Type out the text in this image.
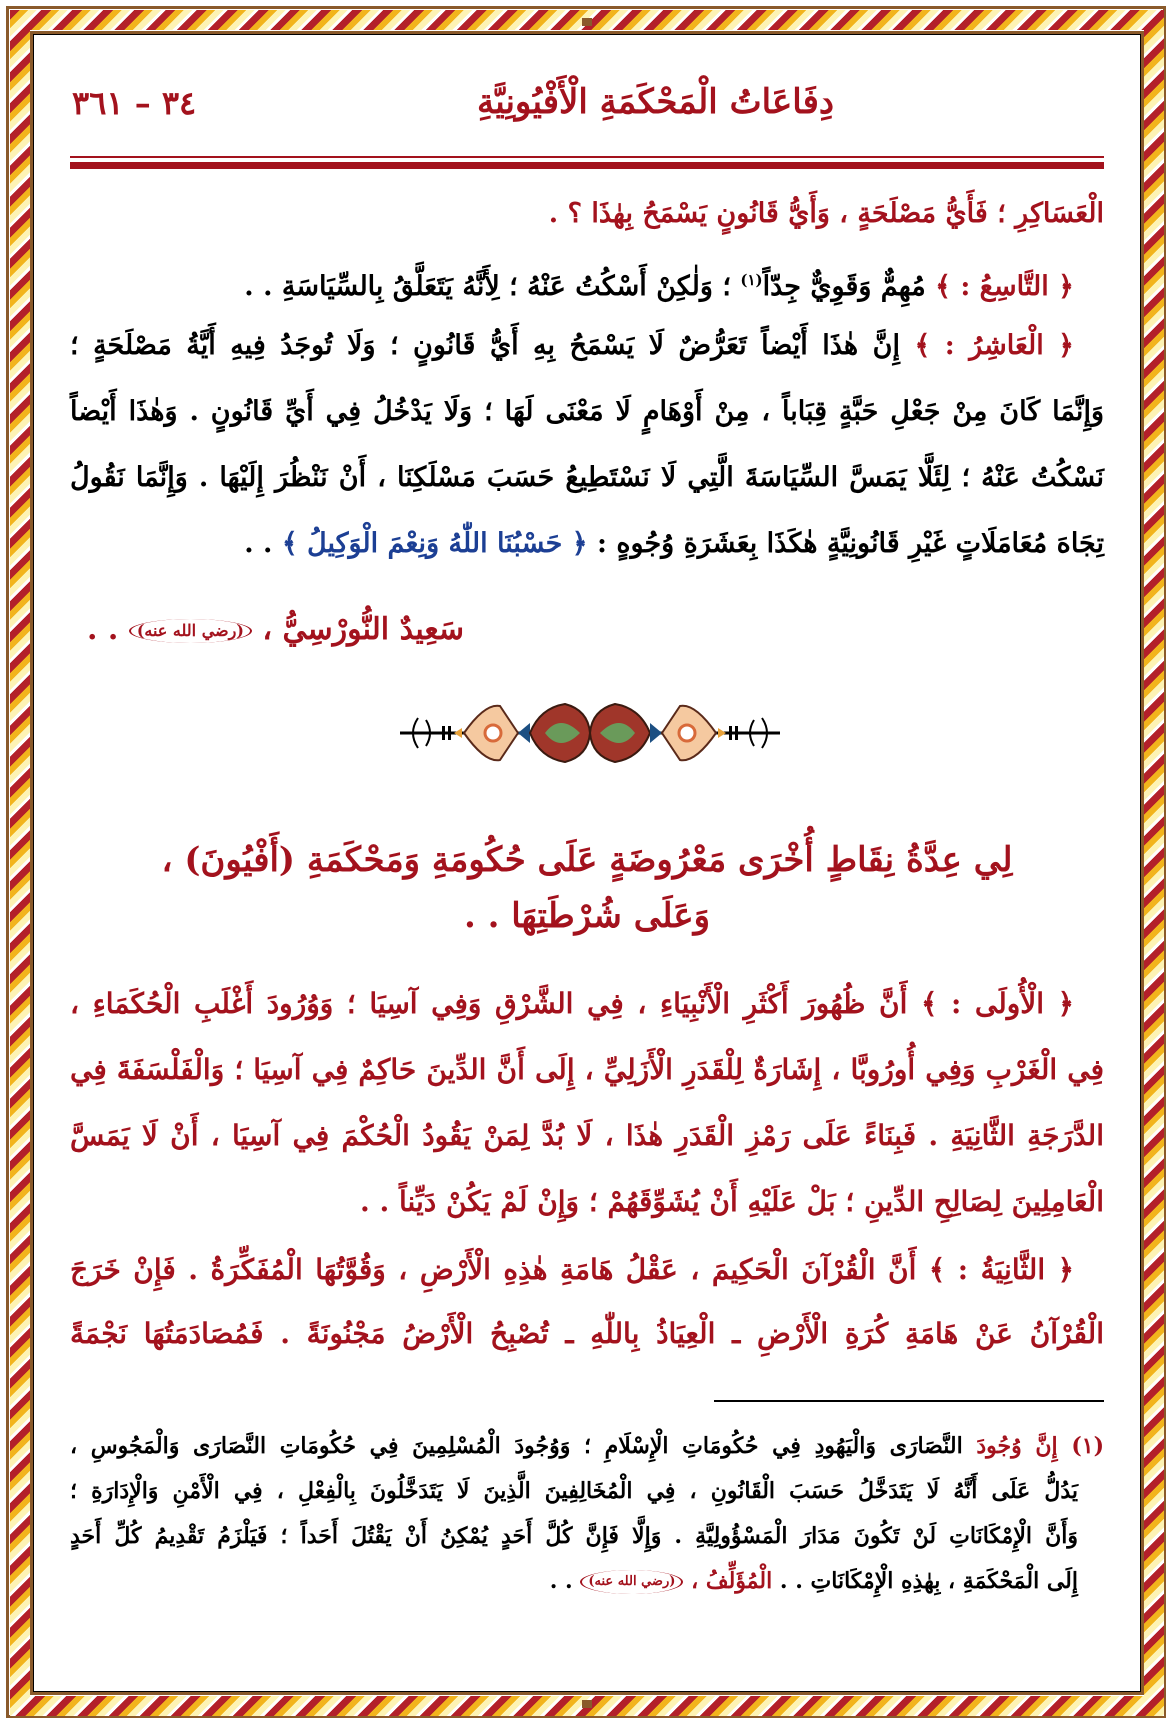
دِفَاعَاتُ الْمَحْكَمَةِ الْأَفْيُونِيَّةِ
٣٤ – ٣٦١
الْعَسَاكِرِ ؛ فَأَيُّ مَصْلَحَةٍ ، وَأَيُّ قَانُونٍ يَسْمَحُ بِهٰذَا ؟ .
﴿ التَّاسِعُ : ﴾ مُهِمٌّ وَقَوِيٌّ جِدّاً$^{(١)}$ ؛ وَلٰكِنْ أَسْكُتُ عَنْهُ ؛ لِأَنَّهُ يَتَعَلَّقُ بِالسِّيَاسَةِ . .
﴿ الْعَاشِرُ : ﴾ إِنَّ هٰذَا أَيْضاً تَعَرُّضٌ لَا يَسْمَحُ بِهِ أَيُّ قَانُونٍ ؛ وَلَا تُوجَدُ فِيهِ أَيَّةُ مَصْلَحَةٍ ؛
وَإِنَّمَا كَانَ مِنْ جَعْلِ حَبَّةٍ قِبَاباً ، مِنْ أَوْهَامٍ لَا مَعْنَى لَهَا ؛ وَلَا يَدْخُلُ فِي أَيِّ قَانُونٍ . وَهٰذَا أَيْضاً
نَسْكُتُ عَنْهُ ؛ لِئَلَّا يَمَسَّ السِّيَاسَةَ الَّتِي لَا نَسْتَطِيعُ حَسَبَ مَسْلَكِنَا ، أَنْ نَنْظُرَ إِلَيْهَا . وَإِنَّمَا نَقُولُ
تِجَاهَ مُعَامَلَاتٍ غَيْرِ قَانُونِيَّةٍ هٰكَذَا بِعَشَرَةِ وُجُوهٍ : ﴿ حَسْبُنَا اللّٰهُ وَنِعْمَ الْوَكِيلُ ﴾ . .
سَعِيدٌ النُّورْسِيُّ ، (رضي الله عنه) . .
لِي عِدَّةُ نِقَاطٍ أُخْرَى مَعْرُوضَةٍ عَلَى حُكُومَةِ وَمَحْكَمَةِ (أَفْيُونَ) ،
وَعَلَى شُرْطَتِهَا . .
﴿ الْأُولَى : ﴾ أَنَّ ظُهُورَ أَكْثَرِ الْأَنْبِيَاءِ ، فِي الشَّرْقِ وَفِي آسِيَا ؛ وَوُرُودَ أَغْلَبِ الْحُكَمَاءِ ،
فِي الْغَرْبِ وَفِي أُورُوبَّا ، إِشَارَةٌ لِلْقَدَرِ الْأَزَلِيِّ ، إِلَى أَنَّ الدِّينَ حَاكِمٌ فِي آسِيَا ؛ وَالْفَلْسَفَةَ فِي
الدَّرَجَةِ الثَّانِيَةِ . فَبِنَاءً عَلَى رَمْزِ الْقَدَرِ هٰذَا ، لَا بُدَّ لِمَنْ يَقُودُ الْحُكْمَ فِي آسِيَا ، أَنْ لَا يَمَسَّ
الْعَامِلِينَ لِصَالِحِ الدِّينِ ؛ بَلْ عَلَيْهِ أَنْ يُشَوِّقَهُمْ ؛ وَإِنْ لَمْ يَكُنْ دَيِّناً . .
﴿ الثَّانِيَةُ : ﴾ أَنَّ الْقُرْآنَ الْحَكِيمَ ، عَقْلُ هَامَةِ هٰذِهِ الْأَرْضِ ، وَقُوَّتُهَا الْمُفَكِّرَةُ . فَإِنْ خَرَجَ
الْقُرْآنُ عَنْ هَامَةِ كُرَةِ الْأَرْضِ ـ الْعِيَاذُ بِاللّٰهِ ـ تُصْبِحُ الْأَرْضُ مَجْنُونَةً . فَمُصَادَمَتُهَا نَجْمَةً
(١) إِنَّ وُجُودَ النَّصَارَى وَالْيَهُودِ فِي حُكُومَاتِ الْإِسْلَامِ ؛ وَوُجُودَ الْمُسْلِمِينَ فِي حُكُومَاتِ النَّصَارَى وَالْمَجُوسِ ،
يَدُلُّ عَلَى أَنَّهُ لَا يَتَدَخَّلُ حَسَبَ الْقَانُونِ ، فِي الْمُخَالِفِينَ الَّذِينَ لَا يَتَدَخَّلُونَ بِالْفِعْلِ ، فِي الْأَمْنِ وَالْإِدَارَةِ ؛
وَأَنَّ الْإِمْكَانَاتِ لَنْ تَكُونَ مَدَارَ الْمَسْؤُولِيَّةِ . وَإِلَّا فَإِنَّ كُلَّ أَحَدٍ يُمْكِنُ أَنْ يَقْتُلَ أَحَداً ؛ فَيَلْزَمُ تَقْدِيمُ كُلِّ أَحَدٍ
إِلَى الْمَحْكَمَةِ ، بِهٰذِهِ الْإِمْكَانَاتِ . . الْمُؤَلِّفُ ، (رضي الله عنه) . .
